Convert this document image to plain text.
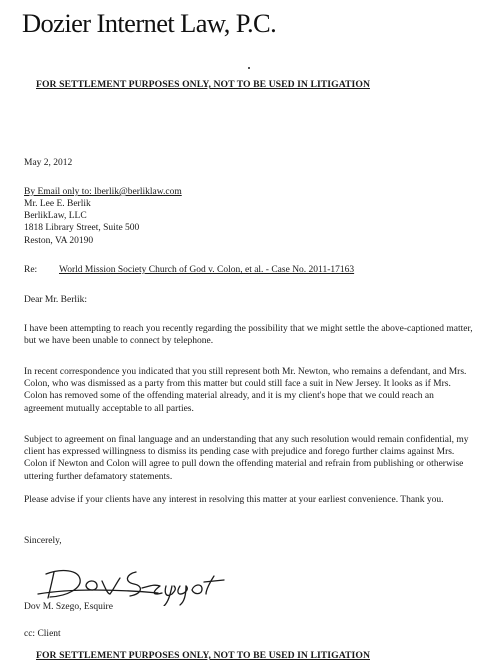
Dozier Internet Law, P.C.
FOR SETTLEMENT PURPOSES ONLY, NOT TO BE USED IN LITIGATION
May 2, 2012
By Email only to: lberlik@berliklaw.com
Mr. Lee E. Berlik
BerlikLaw, LLC
1818 Library Street, Suite 500
Reston, VA 20190
Re: World Mission Society Church of God v. Colon, et al. - Case No. 2011-17163
Dear Mr. Berlik:
I have been attempting to reach you recently regarding the possibility that we might settle the above-captioned matter, but we have been unable to connect by telephone.
In recent correspondence you indicated that you still represent both Mr. Newton, who remains a defendant, and Mrs. Colon, who was dismissed as a party from this matter but could still face a suit in New Jersey. It looks as if Mrs. Colon has removed some of the offending material already, and it is my client's hope that we could reach an agreement mutually acceptable to all parties.
Subject to agreement on final language and an understanding that any such resolution would remain confidential, my client has expressed willingness to dismiss its pending case with prejudice and forego further claims against Mrs. Colon if Newton and Colon will agree to pull down the offending material and refrain from publishing or otherwise uttering further defamatory statements.
Please advise if your clients have any interest in resolving this matter at your earliest convenience. Thank you.
Sincerely,
Dov M. Szego, Esquire
cc: Client
FOR SETTLEMENT PURPOSES ONLY, NOT TO BE USED IN LITIGATION
